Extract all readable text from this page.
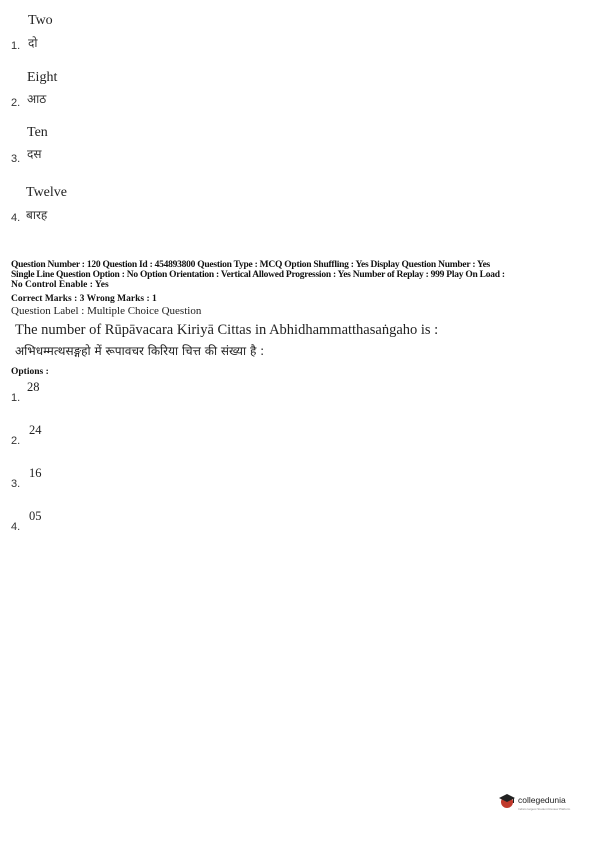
Two
1. दो
Eight
2. आठ
Ten
3. दस
Twelve
4. बारह
Question Number : 120 Question Id : 454893800 Question Type : MCQ Option Shuffling : Yes Display Question Number : Yes
Single Line Question Option : No Option Orientation : Vertical Allowed Progression : Yes Number of Replay : 999 Play On Load :
No Control Enable : Yes
Correct Marks : 3 Wrong Marks : 1
Question Label : Multiple Choice Question
The number of Rūpāvacara Kiriyā Cittas in Abhidhammatthasaṅgaho is :
अभिधम्मत्थसङ्गहो में रूपावचर किरिया चित्त की संख्या है :
Options :
28
1.
24
2.
16
3.
05
4.
collegedunia
India's largest Student Review Platform
